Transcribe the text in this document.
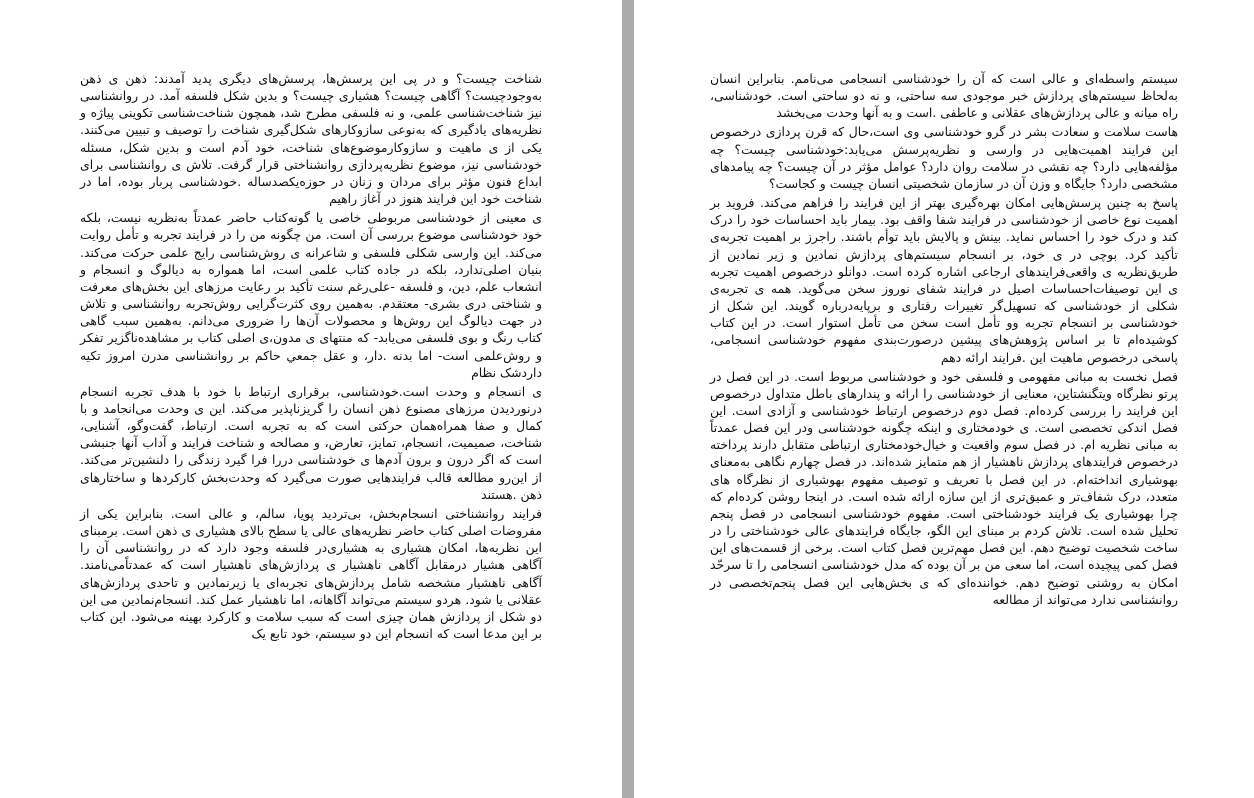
شناخت چیست؟ و در پی این پرسش‌ها، پرسش‌های دیگری پدید آمدند: ذهن ی ذهن به‌وجودچیست؟ آگاهی چیست؟ هشیاری چیست؟ و بدین شکل فلسفه آمد. در روانشناسی نیز شناخت‌شناسی علمی، و نه فلسفی مطرح شد، همچون شناخت‌شناسی تکوینی پیاژه و نظریه‌های یادگیری که به‌نوعی سازوکارهای شکل‌گیری شناخت را توصیف و تبیین می‌کنند. یکی از ی ماهیت و سازوکارموضوع‌های شناخت، خود آدم است و بدین شکل، مسئله خودشناسی نیز، موضوع نظریه‌پردازی روانشناختی قرار گرفت. تلاش ی روانشناسی برای ابداع فنون مؤثر برای مردان و زنان در حوزه‌یکصدساله .خودشناسی پربار بوده، اما در شناخت خود این فرایند هنوز در آغاز راهیم

ی معینی از خودشناسی مربوطی خاصی یا گونه‌کتاب حاضر عمدتاً به‌نظریه نیست، بلکه خود خودشناسی موضوع بررسی آن است. من چگونه من را در فرایند تجربه و تأمل روایت می‌کند. این وارسی شکلی فلسفی و شاعرانه ی روش‌شناسی رایج علمی حرکت می‌کند. بنیان اصلی‌ندارد، بلکه در جاده کتاب علمی است، اما همواره به دیالوگ و انسجام و انشعاب علم، دین، و فلسفه -علی‌رغم سنت تأکید بر رعایت مرزهای این بخش‌های معرفت و شناختی دری بشری- معتقدم. به‌همین روی کثرت‌گرایی روش‌تجربه روانشناسی و تلاش در جهت دیالوگ این روش‌ها و محصولات آن‌ها را ضروری می‌دانم. به‌همین سبب گاهی کتاب رنگ و بوی فلسفی می‌یابد- که منتهای ی مدون،ی اصلی کتاب بر مشاهده‌ناگزیر تفکر و روش‌علمی است- اما بدنه .دار، و عقل جمعي حاكم بر روانشناسی مدرن امروز تکیه داردشک نظام

ی انسجام و وحدت است.خودشناسی، برقراری ارتباط با خود با هدف تجربه انسجام درنوردیدن مرزهای مصنوع ذهن انسان را گریزناپذیر می‌کند. این ی وحدت می‌انجامد و با کمال و صفا همراه‌همان حرکتی است که به تجربه است. ارتباط، گفت‌وگو، آشنایی، شناخت، صمیمیت، انسجام، تمایز، تعارض، و مصالحه و شناخت فرایند و آداب آنها جنبشی است که اگر درون و برون آدم‌ها ی خودشناسی دررا فرا گیرد زندگی را دلنشین‌تر می‌کند. از این‌رو مطالعه قالب فرایندهایی صورت می‌گیرد که وحدت‌بخش کارکردها و ساختارهای ذهن .هستند

فرایند روانشناختی انسجام‌بخش، بی‌تردید پویا، سالم، و عالی است. بنابراین یکی از مفروضات اصلی کتاب حاضر نظریه‌های عالی یا سطح بالای هشیاری ی ذهن است. برمبنای این نظریه‌ها، امکان هشیاری به هشیاری‌در فلسفه وجود دارد که در روانشناسی آن را آگاهی هشیار درمقابل آگاهی ناهشیار ی پردازش‌های ناهشیار است که عمدتاًمی‌نامند. آگاهی ناهشیار مشخصه شامل پردازش‌های تجربه‌ای یا زیرنمادین و تاحدی پردازش‌های عقلانی یا شود. هردو سیستم می‌تواند آگاهانه، اما ناهشیار عمل کند. انسجام‌نمادین می این دو شکل از پردازش همان چیزی است که سبب سلامت و کارکرد بهینه می‌شود. این کتاب بر این مدعا است که انسجام این دو سیستم، خود تابع یک

سیستم واسطه‌ای و عالی است که آن را خودشناسی انسجامی می‌نامم. بنابراین انسان به‌لحاظ سیستم‌های پردازش خبر موجودی سه ساحتی، و نه دو ساحتی است. خودشناسی، راه میانه و عالی پردازش‌های عقلانی و عاطفی .است و به آنها وحدت می‌بخشد

هاست سلامت و سعادت بشر در گرو خودشناسی وی است،حال که قرن پردازی درخصوص این فرایند اهمیت‌هایی در وارسی و نظریه‌پرسش می‌یابد:خودشناسی چیست؟ چه مؤلفه‌هایی دارد؟ چه نقشی در سلامت روان دارد؟ عوامل مؤثر در آن چیست؟ چه پیامدهای مشخصی دارد؟ جایگاه و وزن آن در سازمان شخصیتی انسان چیست و کجاست؟

پاسخ به چنین پرسش‌هایی امکان بهره‌گیری بهتر از این فرایند را فراهم می‌کند. فروید بر اهمیت نوع خاصی از خودشناسی در فرایند شفا واقف بود. بیمار باید احساسات خود را درک کند و درک خود را احساس نماید. بینش و پالایش باید توأم باشند. راجرز بر اهمیت تجربه‌ی تأکید کرد. بوچی در ی خود، بر انسجام سیستم‌های پردازش نمادین و زیر نمادین از طریق‌نظریه ی واقعی‌فرایندهای ارجاعی اشاره کرده است. دوانلو درخصوص اهمیت تجربه ی این توصیفات‌احساسات اصیل در فرایند شفای نوروز سخن می‌گوید. همه ی تجربه‌ی شکلی از خودشناسی که تسهیل‌گر تغییرات رفتاری و برپایه‌درباره گویند. این شکل از خودشناسی بر انسجام تجربه وو تأمل است سخن می تأمل استوار است. در این کتاب کوشیده‌ام تا بر اساس پژوهش‌های پیشین درصورت‌بندی مفهوم خودشناسی انسجامی، پاسخی درخصوص ماهیت این .فرایند ارائه دهم

فصل نخست به مبانی مفهومی و فلسفی خود و خودشناسی مربوط است. در این فصل در پرتو نظرگاه ویتگنشتاین، معنایی از خودشناسی را ارائه و پندارهای باطل متداول درخصوص این فرایند را بررسی کرده‌ام. فصل دوم درخصوص ارتباط خودشناسی و آزادی است. این فصل اندکی تخصصی است. ی خودمختاری و اینکه چگونه خودشناسی ودر این فصل عمدتاً به مبانی نظریه ام. در فصل سوم واقعیت و خیال‌خودمختاری ارتباطی متقابل دارند پرداخته درخصوص فرایندهای پردازش ناهشیار از هم متمایز شده‌اند. در فصل چهارم نگاهی به‌معنای بهوشیاری انداخته‌ام. در این فصل با تعریف و توصیف مفهوم بهوشیاری از نظرگاه های متعدد، درک شفاف‌تر و عمیق‌تری از این سازه ارائه شده است. در اینجا روشن کرده‌ام که چرا بهوشیاری یک فرایند خودشناختی است. مفهوم خودشناسی انسجامی در فصل پنجم تحلیل شده است. تلاش کردم بر مبنای این الگو، جایگاه فرایندهای عالی خودشناختی را در ساخت شخصیت توضیح دهم. این فصل مهم‌ترین فصل کتاب است. برخی از قسمت‌های این فصل کمی پیچیده است، اما سعی من بر آن بوده که مدل خودشناسی انسجامی را تا سرحّد امکان به روشنی توضیح دهم. خواننده‌ای که ی بخش‌هایی این فصل پنجم‌تخصصی در روانشناسی ندارد می‌تواند از مطالعه
